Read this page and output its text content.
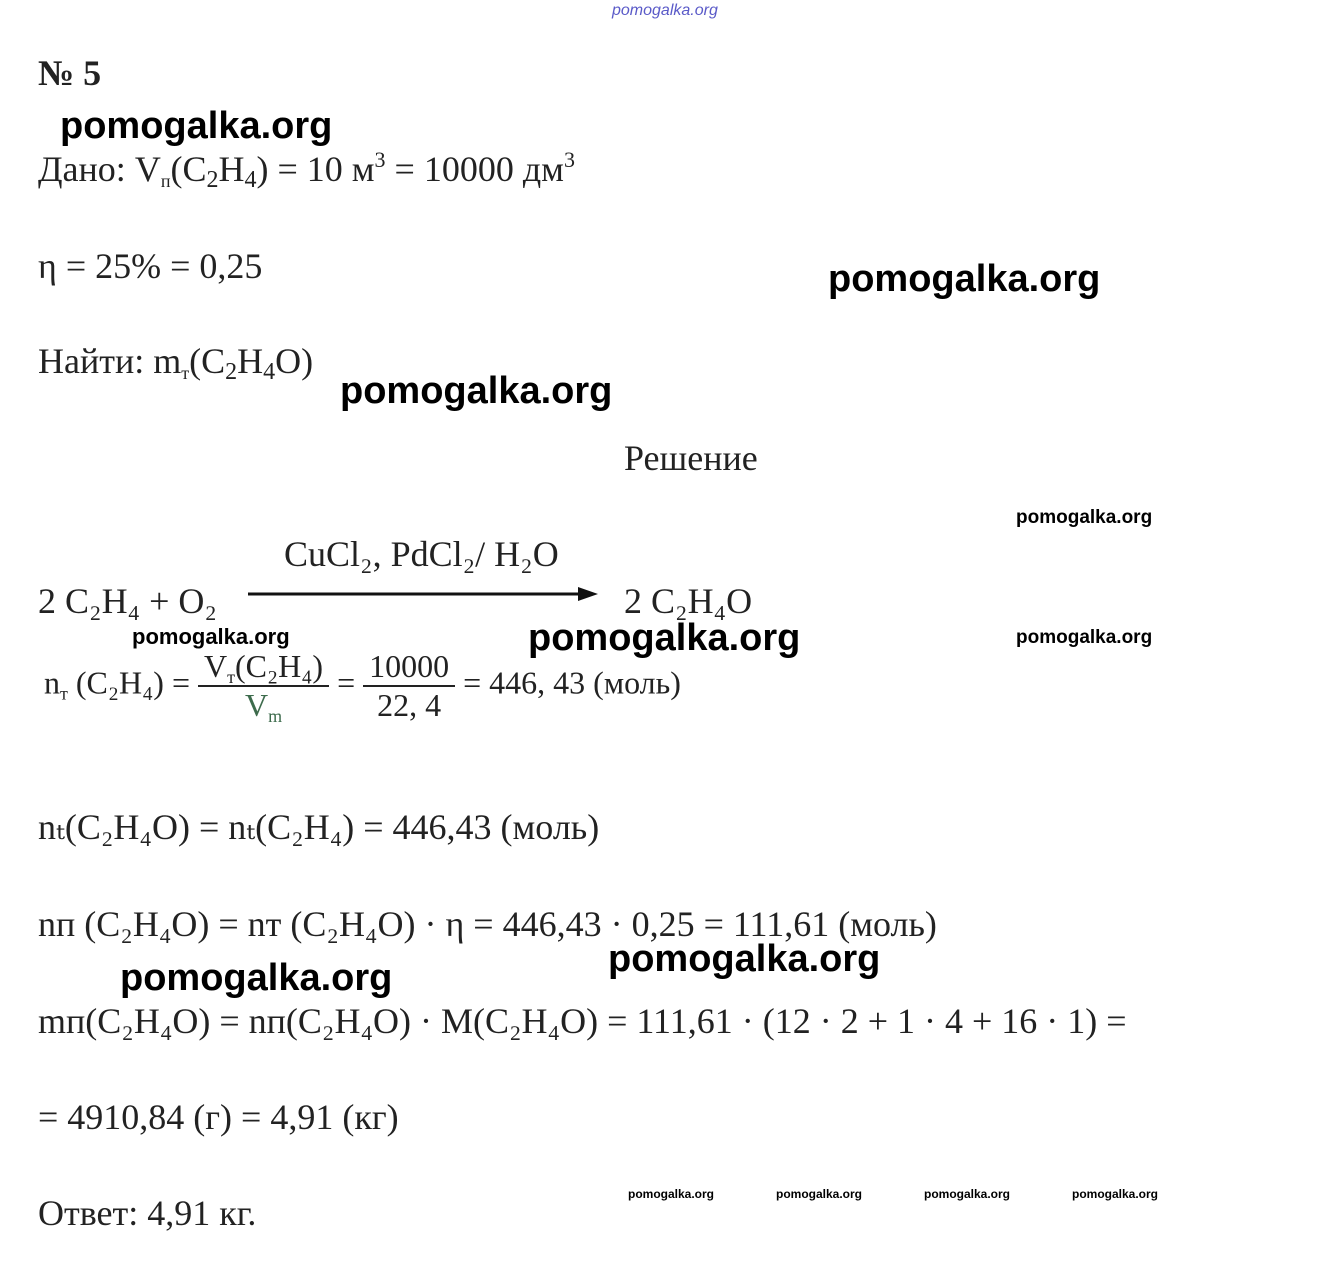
pomogalka.org
№ 5
pomogalka.org
Дано: $V_п(C_2H_4) = 10$ $м^3 = 10000$ $дм^3$
η = 25% = 0,25	pomogalka.org
Найти: $m_т(C_2H_4O)$
pomogalka.org
Решение
pomogalka.org
CuCl₂, PdCl₂/ H₂O
2 C₂H₄ + O₂	2 C₂H₄O
pomogalka.org	pomogalka.org	pomogalka.org
$n_т$ $(C_2H_4) = \frac{V_т(C_2H_4)}{V_m} = \frac{10000}{22, 4} = 446$, 43 (моль)
nₜ(C₂H₄O) = nₜ(C₂H₄) = 446,43 (моль)
nп (C₂H₄O) = nт (C₂H₄O) · η = 446,43 · 0,25 = 111,61 (моль)
pomogalka.org
pomogalka.org
mп(C₂H₄O) = nп(C₂H₄O) · M(C₂H₄O) = 111,61 · (12 · 2 + 1 · 4 + 16 · 1) =
= 4910,84 (г) = 4,91 (кг)
Ответ: 4,91 кг.	pomogalka.org	pomogalka.org	pomogalka.org	pomogalka.org
